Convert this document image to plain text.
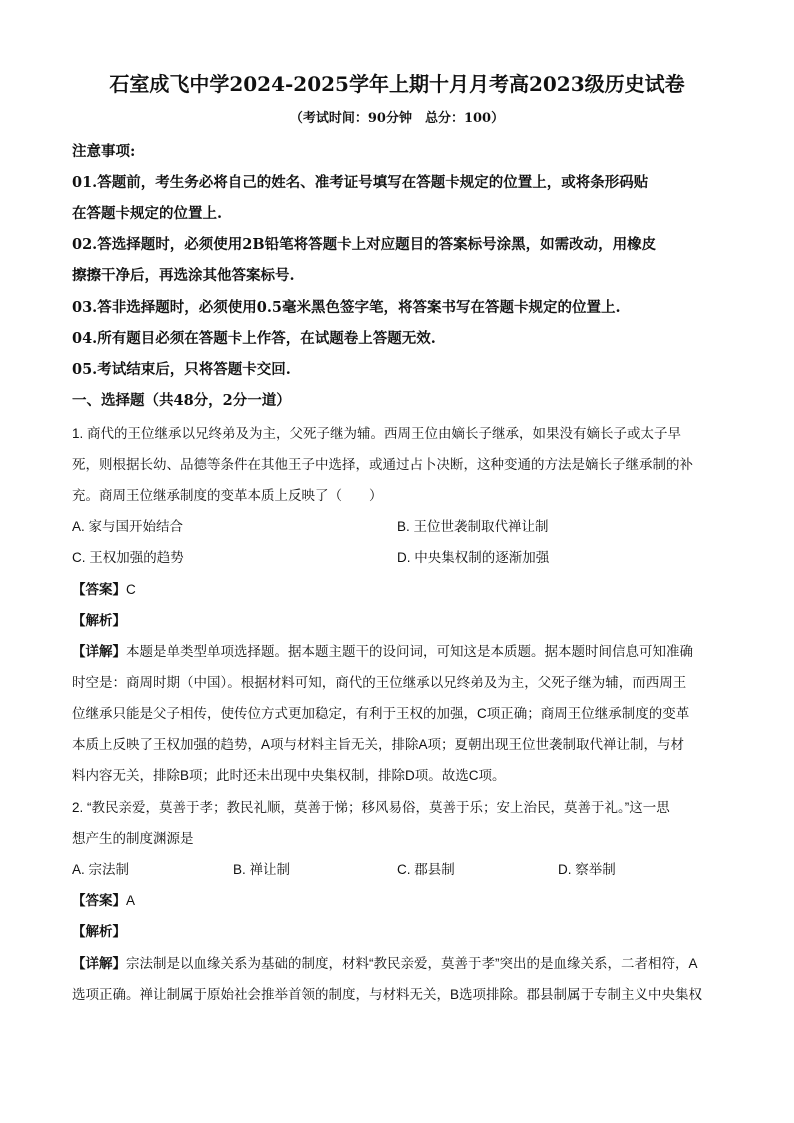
石室成飞中学2024-2025学年上期十月月考高2023级历史试卷
（考试时间：90分钟　总分：100）
注意事项:
01.答题前，考生务必将自己的姓名、准考证号填写在答题卡规定的位置上，或将条形码贴
在答题卡规定的位置上.
02.答选择题时，必须使用2B铅笔将答题卡上对应题目的答案标号涂黑，如需改动，用橡皮
擦擦干净后，再选涂其他答案标号.
03.答非选择题时，必须使用0.5毫米黑色签字笔，将答案书写在答题卡规定的位置上.
04.所有题目必须在答题卡上作答，在试题卷上答题无效.
05.考试结束后，只将答题卡交回.
一、选择题（共48分，2分一道）
1. 商代的王位继承以兄终弟及为主，父死子继为辅。西周王位由嫡长子继承，如果没有嫡长子或太子早
死，则根据长幼、品德等条件在其他王子中选择，或通过占卜决断，这种变通的方法是嫡长子继承制的补
充。商周王位继承制度的变革本质上反映了（　　）
A. 家与国开始结合	B. 王位世袭制取代禅让制
C. 王权加强的趋势	D. 中央集权制的逐渐加强
【答案】C
【解析】
【详解】本题是单类型单项选择题。据本题主题干的设问词，可知这是本质题。据本题时间信息可知准确
时空是：商周时期（中国）。根据材料可知，商代的王位继承以兄终弟及为主，父死子继为辅，而西周王
位继承只能是父子相传，使传位方式更加稳定，有利于王权的加强，C项正确；商周王位继承制度的变革
本质上反映了王权加强的趋势，A项与材料主旨无关，排除A项；夏朝出现王位世袭制取代禅让制，与材
料内容无关，排除B项；此时还未出现中央集权制，排除D项。故选C项。
2. “教民亲爱，莫善于孝；教民礼顺，莫善于悌；移风易俗，莫善于乐；安上治民，莫善于礼。”这一思
想产生的制度渊源是
A. 宗法制	B. 禅让制	C. 郡县制	D. 察举制
【答案】A
【解析】
【详解】宗法制是以血缘关系为基础的制度，材料“教民亲爱，莫善于孝”突出的是血缘关系，二者相符，A
选项正确。禅让制属于原始社会推举首领的制度，与材料无关，B选项排除。郡县制属于专制主义中央集权
